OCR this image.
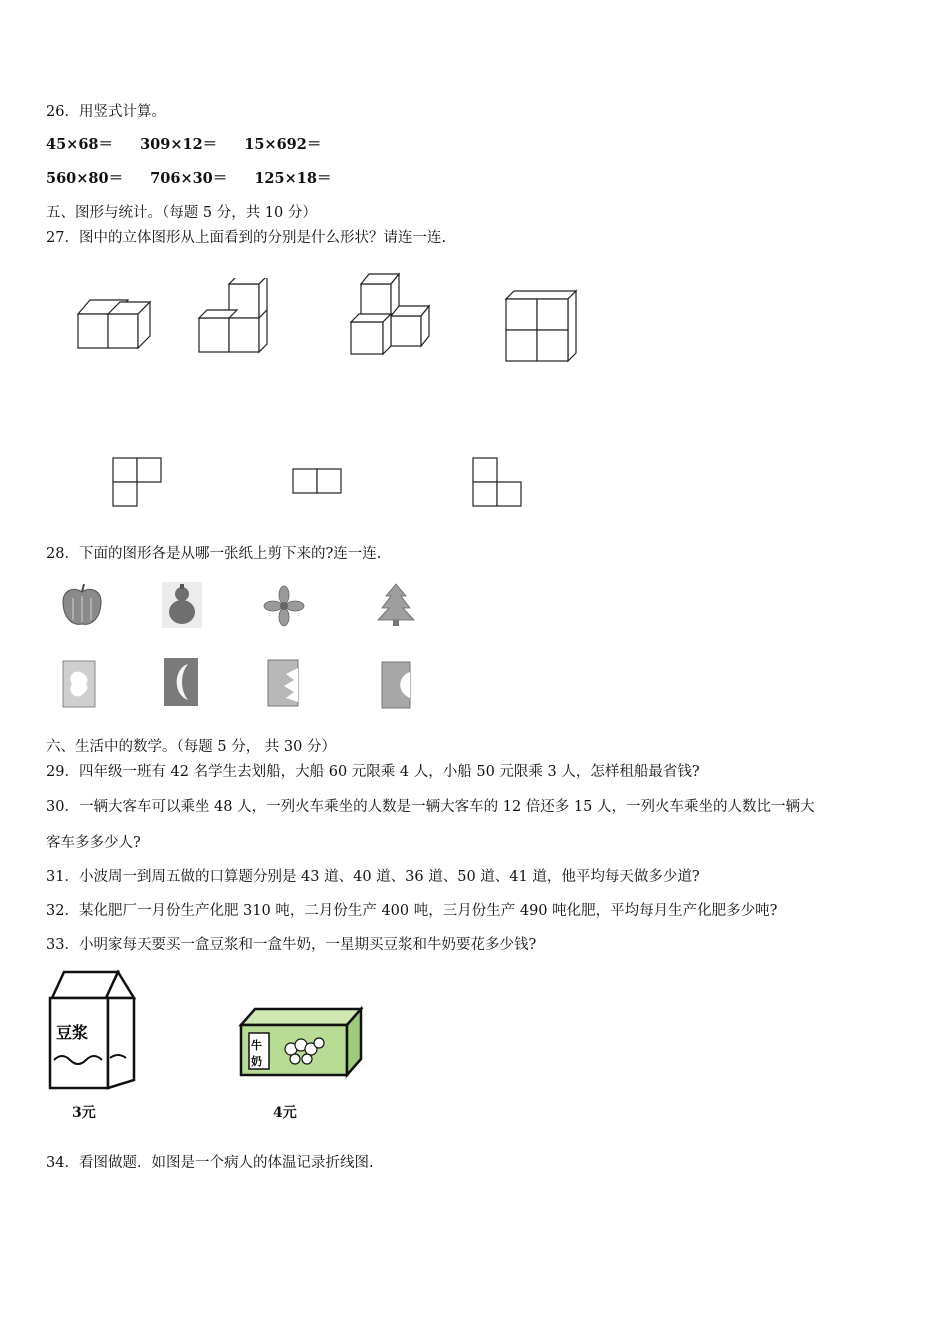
26．用竖式计算。
45×68＝ 309×12＝ 15×692＝
560×80＝ 706×30＝ 125×18＝
五、图形与统计。（每题 5 分，共 10 分）
27．图中的立体图形从上面看到的分别是什么形状？请连一连.
28．下面的图形各是从哪一张纸上剪下来的?连一连.
六、生活中的数学。（每题 5 分， 共 30 分）
29．四年级一班有 42 名学生去划船，大船 60 元限乘 4 人，小船 50 元限乘 3 人，怎样租船最省钱?
30．一辆大客车可以乘坐 48 人，一列火车乘坐的人数是一辆大客车的 12 倍还多 15 人，一列火车乘坐的人数比一辆大
客车多多少人?
31．小波周一到周五做的口算题分别是 43 道、40 道、36 道、50 道、41 道，他平均每天做多少道?
32．某化肥厂一月份生产化肥 310 吨，二月份生产 400 吨，三月份生产 490 吨化肥，平均每月生产化肥多少吨?
33．小明家每天要买一盒豆浆和一盒牛奶，一星期买豆浆和牛奶要花多少钱?
豆浆
3元
牛
奶
4元
34．看图做题．如图是一个病人的体温记录折线图.
